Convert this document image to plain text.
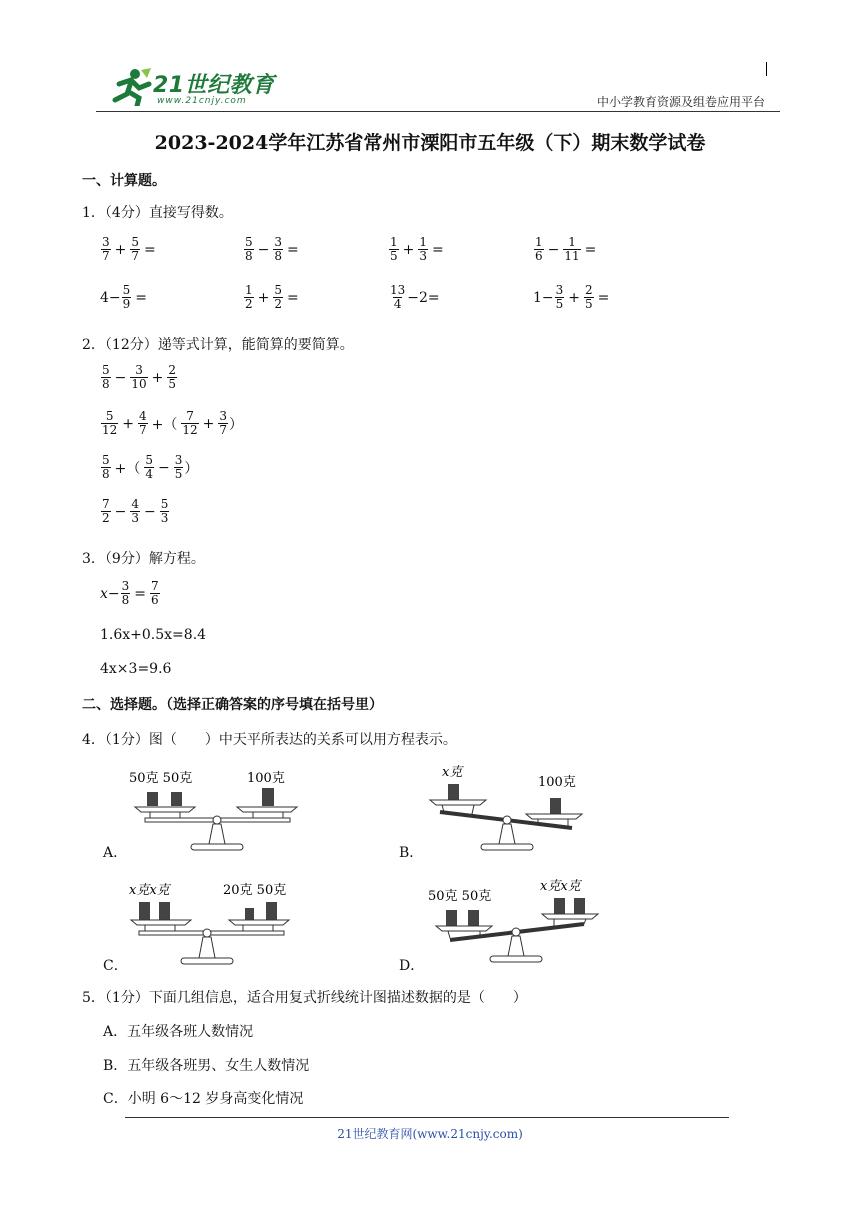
21世纪教育
www.21cnjy.com	中小学教育资源及组卷应用平台
2023-2024学年江苏省常州市溧阳市五年级（下）期末数学试卷
一、计算题。
1．（4分）直接写得数。
$\frac{3}{7} + \frac{5}{7}$ =	$\frac{5}{8} - \frac{3}{8}$ =	$\frac{1}{5} + \frac{1}{3}$ =	$\frac{1}{6} - \frac{1}{11}$ =
$4- \frac{5}{9}$ =	$\frac{1}{2} + \frac{5}{2}$ =	$\frac{13}{4} -2=$	$1- \frac{3}{5} + \frac{2}{5}$ =
2．（12分）递等式计算，能简算的要简算。
$\frac{5}{8} - \frac{3}{10} + \frac{2}{5}$
$\frac{5}{12} + \frac{4}{7}$ +（ $\frac{7}{12} + \frac{3}{7}$ ）
$\frac{5}{8}$ +（ $\frac{5}{4} - \frac{3}{5}$ ）
$\frac{7}{2} - \frac{4}{3} - \frac{5}{3}$
3．（9分）解方程。
$x- \frac{3}{8} = \frac{7}{6}$
1.6x+0.5x=8.4
4x×3=9.6
二、选择题。（选择正确答案的序号填在括号里）
4．（1分）图（　　）中天平所表达的关系可以用方程表示。
A．
50克 50克	100克
B．
x克
100克
C．
x克x克	20克 50克
D．
50克 50克
x克x克
5．（1分）下面几组信息，适合用复式折线统计图描述数据的是（　　）
A．五年级各班人数情况
B．五年级各班男、女生人数情况
C．小明 6～12 岁身高变化情况
21世纪教育网(www.21cnjy.com)
